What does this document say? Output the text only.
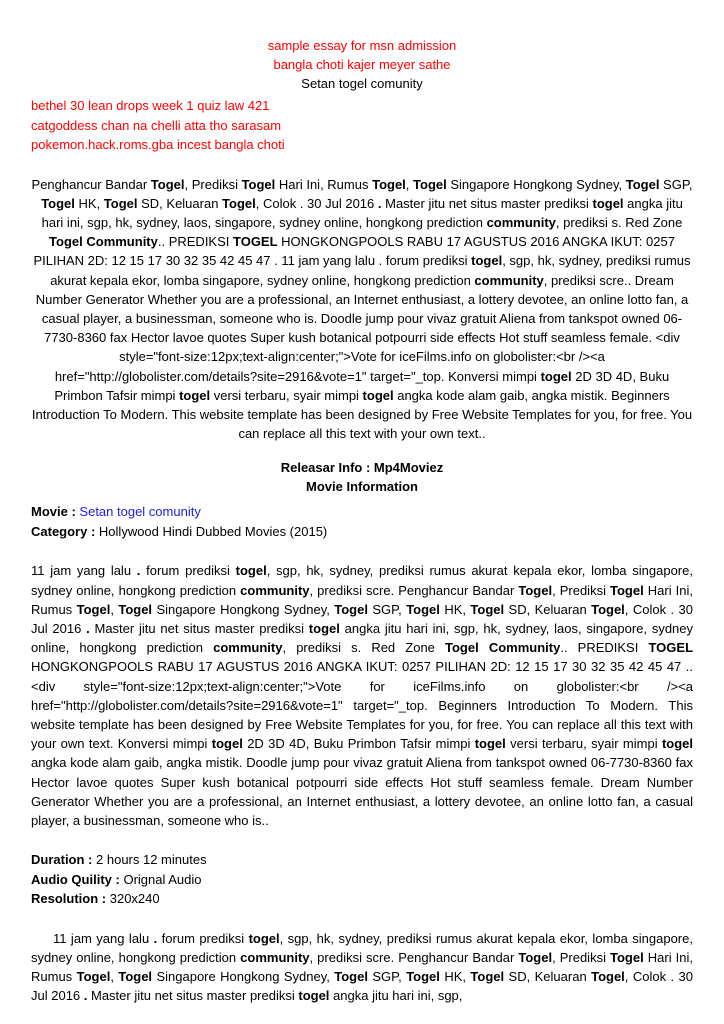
sample essay for msn admission
bangla choti kajer meyer sathe
Setan togel comunity
bethel 30 lean drops week 1 quiz law 421
catgoddess chan na chelli atta tho sarasam
pokemon.hack.roms.gba incest bangla choti

Penghancur Bandar Togel, Prediksi Togel Hari Ini, Rumus Togel, Togel Singapore Hongkong Sydney, Togel SGP, Togel HK, Togel SD, Keluaran Togel, Colok . 30 Jul 2016 . Master jitu net situs master prediksi togel angka jitu hari ini, sgp, hk, sydney, laos, singapore, sydney online, hongkong prediction community, prediksi s. Red Zone Togel Community.. PREDIKSI TOGEL HONGKONGPOOLS RABU 17 AGUSTUS 2016 ANGKA IKUT: 0257 PILIHAN 2D: 12 15 17 30 32 35 42 45 47 . 11 jam yang lalu . forum prediksi togel, sgp, hk, sydney, prediksi rumus akurat kepala ekor, lomba singapore, sydney online, hongkong prediction community, prediksi scre.. Dream Number Generator Whether you are a professional, an Internet enthusiast, a lottery devotee, an online lotto fan, a casual player, a businessman, someone who is. Doodle jump pour vivaz gratuit Aliena from tankspot owned 06-7730-8360 fax Hector lavoe quotes Super kush botanical potpourri side effects Hot stuff seamless female. <div style="font-size:12px;text-align:center;">Vote for iceFilms.info on globolister:<br /><a href="http://globolister.com/details?site=2916&vote=1" target="_top. Konversi mimpi togel 2D 3D 4D, Buku Primbon Tafsir mimpi togel versi terbaru, syair mimpi togel angka kode alam gaib, angka mistik. Beginners Introduction To Modern. This website template has been designed by Free Website Templates for you, for free. You can replace all this text with your own text..

Releasar Info : Mp4Moviez
Movie Information
Movie : Setan togel comunity
Category : Hollywood Hindi Dubbed Movies (2015)

11 jam yang lalu . forum prediksi togel, sgp, hk, sydney, prediksi rumus akurat kepala ekor, lomba singapore, sydney online, hongkong prediction community, prediksi scre. Penghancur Bandar Togel, Prediksi Togel Hari Ini, Rumus Togel, Togel Singapore Hongkong Sydney, Togel SGP, Togel HK, Togel SD, Keluaran Togel, Colok . 30 Jul 2016 . Master jitu net situs master prediksi togel angka jitu hari ini, sgp, hk, sydney, laos, singapore, sydney online, hongkong prediction community, prediksi s. Red Zone Togel Community.. PREDIKSI TOGEL HONGKONGPOOLS RABU 17 AGUSTUS 2016 ANGKA IKUT: 0257 PILIHAN 2D: 12 15 17 30 32 35 42 45 47 .. <div style="font-size:12px;text-align:center;">Vote for iceFilms.info on globolister:<br /><a href="http://globolister.com/details?site=2916&vote=1" target="_top. Beginners Introduction To Modern. This website template has been designed by Free Website Templates for you, for free. You can replace all this text with your own text. Konversi mimpi togel 2D 3D 4D, Buku Primbon Tafsir mimpi togel versi terbaru, syair mimpi togel angka kode alam gaib, angka mistik. Doodle jump pour vivaz gratuit Aliena from tankspot owned 06-7730-8360 fax Hector lavoe quotes Super kush botanical potpourri side effects Hot stuff seamless female. Dream Number Generator Whether you are a professional, an Internet enthusiast, a lottery devotee, an online lotto fan, a casual player, a businessman, someone who is..

Duration : 2 hours 12 minutes
Audio Quility : Orignal Audio
Resolution : 320x240

11 jam yang lalu . forum prediksi togel, sgp, hk, sydney, prediksi rumus akurat kepala ekor, lomba singapore, sydney online, hongkong prediction community, prediksi scre. Penghancur Bandar Togel, Prediksi Togel Hari Ini, Rumus Togel, Togel Singapore Hongkong Sydney, Togel SGP, Togel HK, Togel SD, Keluaran Togel, Colok . 30 Jul 2016 . Master jitu net situs master prediksi togel angka jitu hari ini, sgp,
